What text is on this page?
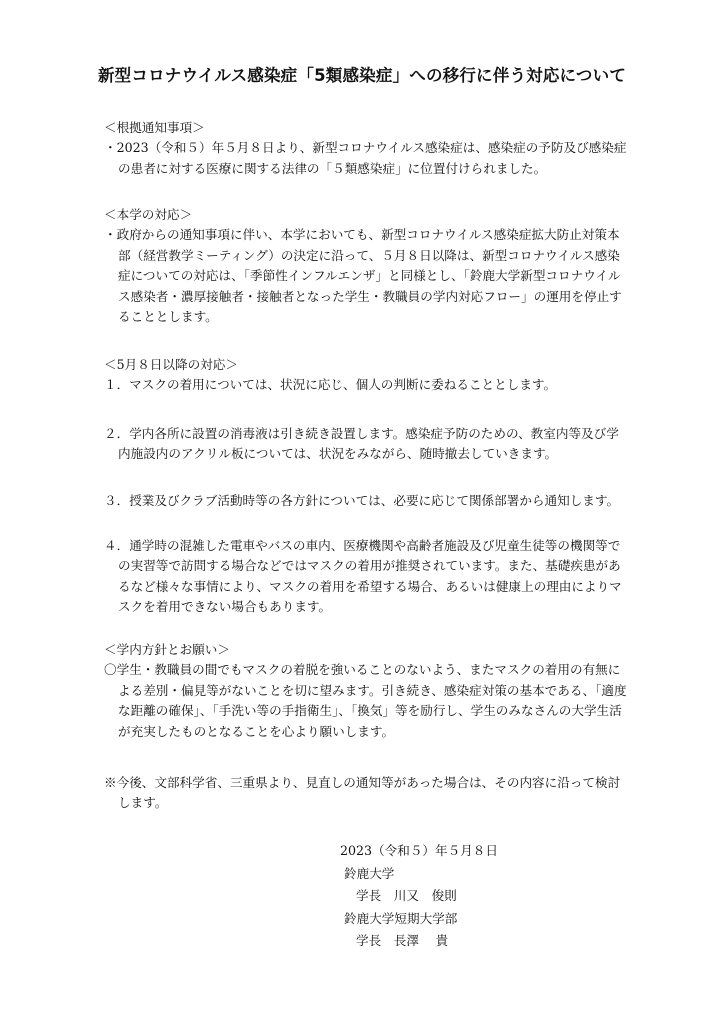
新型コロナウイルス感染症「5類感染症」への移行に伴う対応について
＜根拠通知事項＞
・2023（令和５）年５月８日より、新型コロナウイルス感染症は、感染症の予防及び感染症
の患者に対する医療に関する法律の「５類感染症」に位置付けられました。
＜本学の対応＞
・政府からの通知事項に伴い、本学においても、新型コロナウイルス感染症拡大防止対策本
部（経営教学ミーティング）の決定に沿って、５月８日以降は、新型コロナウイルス感染
症についての対応は、「季節性インフルエンザ」と同様とし、「鈴鹿大学新型コロナウイル
ス感染者・濃厚接触者・接触者となった学生・教職員の学内対応フロー」の運用を停止す
ることとします。
＜5月８日以降の対応＞
１．マスクの着用については、状況に応じ、個人の判断に委ねることとします。
２．学内各所に設置の消毒液は引き続き設置します。感染症予防のための、教室内等及び学
内施設内のアクリル板については、状況をみながら、随時撤去していきます。
３．授業及びクラブ活動時等の各方針については、必要に応じて関係部署から通知します。
４．通学時の混雑した電車やバスの車内、医療機関や高齢者施設及び児童生徒等の機関等で
の実習等で訪問する場合などではマスクの着用が推奨されています。また、基礎疾患があ
るなど様々な事情により、マスクの着用を希望する場合、あるいは健康上の理由によりマ
スクを着用できない場合もあります。
＜学内方針とお願い＞
〇学生・教職員の間でもマスクの着脱を強いることのないよう、またマスクの着用の有無に
よる差別・偏見等がないことを切に望みます。引き続き、感染症対策の基本である、「適度
な距離の確保」、「手洗い等の手指衛生」、「換気」等を励行し、学生のみなさんの大学生活
が充実したものとなることを心より願いします。
※今後、文部科学省、三重県より、見直しの通知等があった場合は、その内容に沿って検討
します。
2023（令和５）年５月８日
鈴鹿大学
学長　川又　俊則
鈴鹿大学短期大学部
学長　長澤　 貴
